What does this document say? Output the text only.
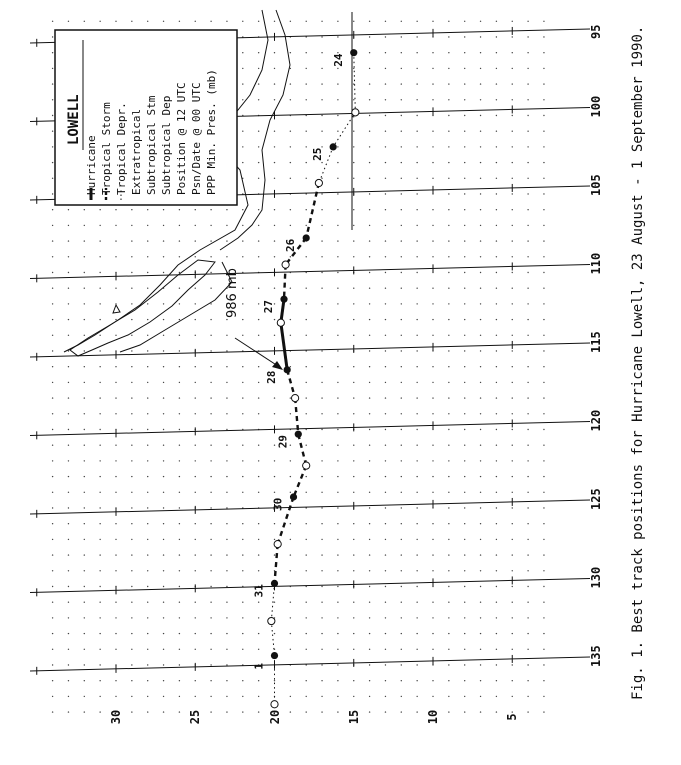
24
25
26
27
28
29
30
31
1
95
100
105
110
115
120
125
130
135
986 mb
LOWELL
Hurricane Tropical Storm Tropical Depr. Extratropical Subtropical Stm Subtropical Dep Position @ 12 UTC Psn/Date @ 00 UTC PPP Min. Pres. (mb)
5
10
15
20
25
30
Fig. 1. Best track positions for Hurricane Lowell, 23 August - 1 September 1990.
